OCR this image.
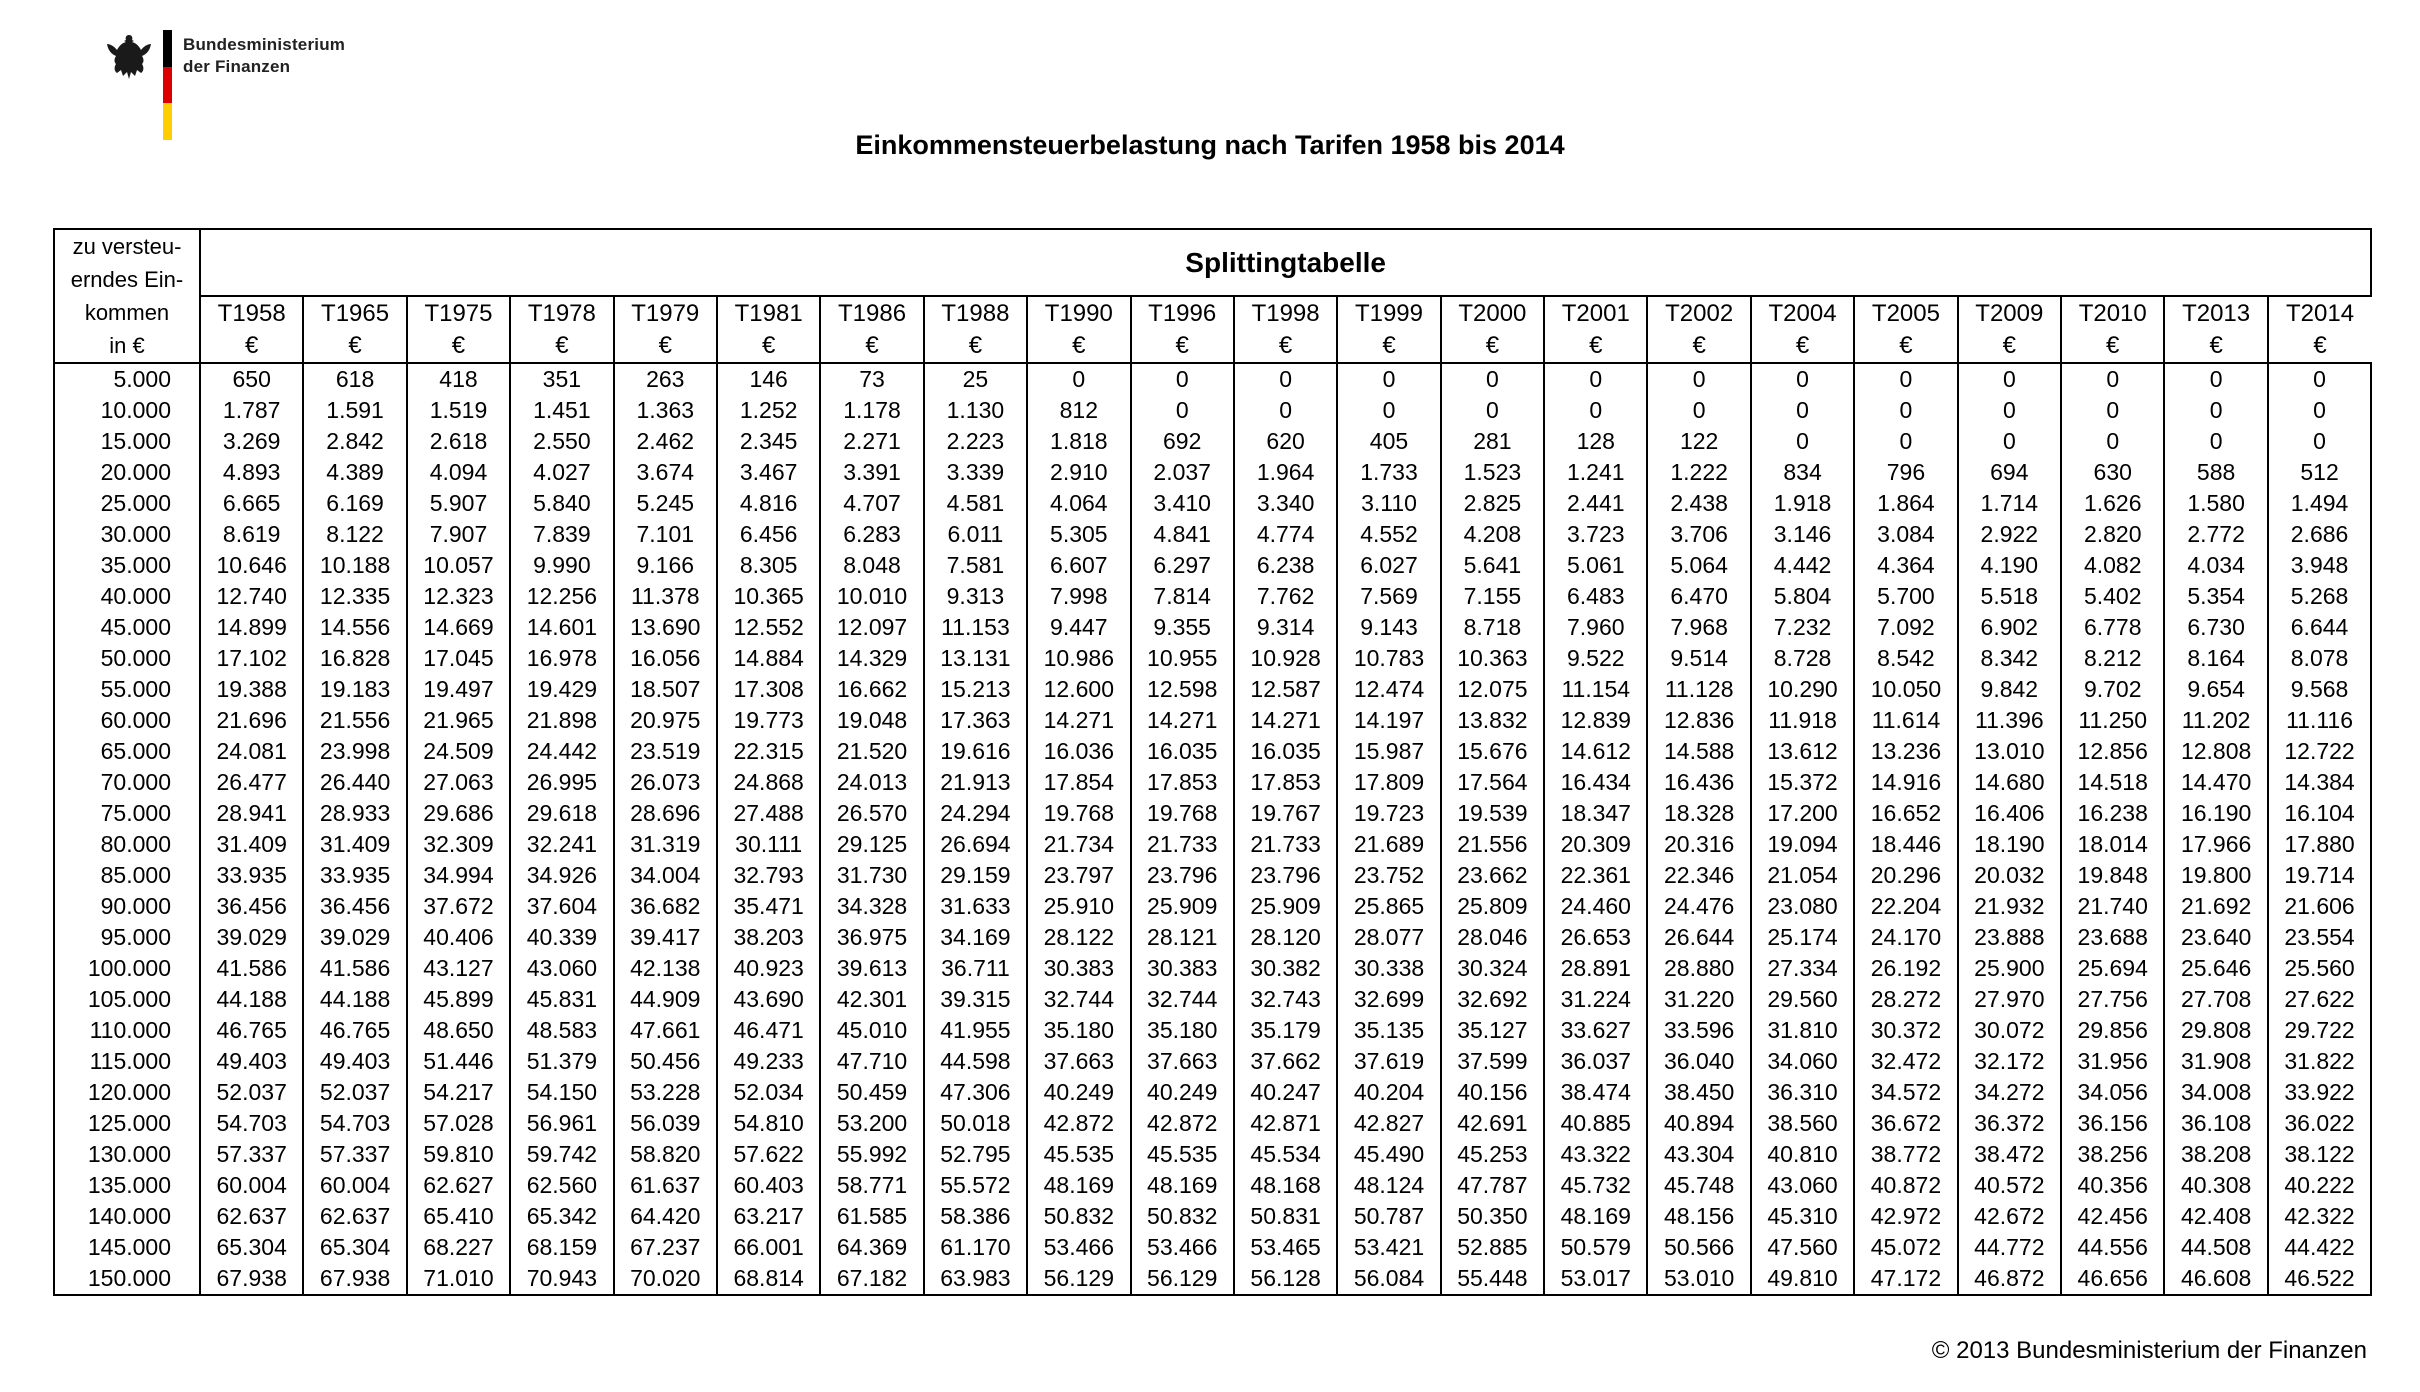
Bundesministerium
der Finanzen
Einkommensteuerbelastung nach Tarifen 1958 bis 2014
zu versteu-
erndes Ein-
kommen
in €	Splittingtabelle																				
	T1958	T1965	T1975	T1978	T1979	T1981	T1986	T1988	T1990	T1996	T1998	T1999	T2000	T2001	T2002	T2004	T2005	T2009	T2010	T2013	T2014
	€	€	€	€	€	€	€	€	€	€	€	€	€	€	€	€	€	€	€	€	€
5.000	650	618	418	351	263	146	73	25	0	0	0	0	0	0	0	0	0	0	0	0	0
10.000	1.787	1.591	1.519	1.451	1.363	1.252	1.178	1.130	812	0	0	0	0	0	0	0	0	0	0	0	0
15.000	3.269	2.842	2.618	2.550	2.462	2.345	2.271	2.223	1.818	692	620	405	281	128	122	0	0	0	0	0	0
20.000	4.893	4.389	4.094	4.027	3.674	3.467	3.391	3.339	2.910	2.037	1.964	1.733	1.523	1.241	1.222	834	796	694	630	588	512
25.000	6.665	6.169	5.907	5.840	5.245	4.816	4.707	4.581	4.064	3.410	3.340	3.110	2.825	2.441	2.438	1.918	1.864	1.714	1.626	1.580	1.494
30.000	8.619	8.122	7.907	7.839	7.101	6.456	6.283	6.011	5.305	4.841	4.774	4.552	4.208	3.723	3.706	3.146	3.084	2.922	2.820	2.772	2.686
35.000	10.646	10.188	10.057	9.990	9.166	8.305	8.048	7.581	6.607	6.297	6.238	6.027	5.641	5.061	5.064	4.442	4.364	4.190	4.082	4.034	3.948
40.000	12.740	12.335	12.323	12.256	11.378	10.365	10.010	9.313	7.998	7.814	7.762	7.569	7.155	6.483	6.470	5.804	5.700	5.518	5.402	5.354	5.268
45.000	14.899	14.556	14.669	14.601	13.690	12.552	12.097	11.153	9.447	9.355	9.314	9.143	8.718	7.960	7.968	7.232	7.092	6.902	6.778	6.730	6.644
50.000	17.102	16.828	17.045	16.978	16.056	14.884	14.329	13.131	10.986	10.955	10.928	10.783	10.363	9.522	9.514	8.728	8.542	8.342	8.212	8.164	8.078
55.000	19.388	19.183	19.497	19.429	18.507	17.308	16.662	15.213	12.600	12.598	12.587	12.474	12.075	11.154	11.128	10.290	10.050	9.842	9.702	9.654	9.568
60.000	21.696	21.556	21.965	21.898	20.975	19.773	19.048	17.363	14.271	14.271	14.271	14.197	13.832	12.839	12.836	11.918	11.614	11.396	11.250	11.202	11.116
65.000	24.081	23.998	24.509	24.442	23.519	22.315	21.520	19.616	16.036	16.035	16.035	15.987	15.676	14.612	14.588	13.612	13.236	13.010	12.856	12.808	12.722
70.000	26.477	26.440	27.063	26.995	26.073	24.868	24.013	21.913	17.854	17.853	17.853	17.809	17.564	16.434	16.436	15.372	14.916	14.680	14.518	14.470	14.384
75.000	28.941	28.933	29.686	29.618	28.696	27.488	26.570	24.294	19.768	19.768	19.767	19.723	19.539	18.347	18.328	17.200	16.652	16.406	16.238	16.190	16.104
80.000	31.409	31.409	32.309	32.241	31.319	30.111	29.125	26.694	21.734	21.733	21.733	21.689	21.556	20.309	20.316	19.094	18.446	18.190	18.014	17.966	17.880
85.000	33.935	33.935	34.994	34.926	34.004	32.793	31.730	29.159	23.797	23.796	23.796	23.752	23.662	22.361	22.346	21.054	20.296	20.032	19.848	19.800	19.714
90.000	36.456	36.456	37.672	37.604	36.682	35.471	34.328	31.633	25.910	25.909	25.909	25.865	25.809	24.460	24.476	23.080	22.204	21.932	21.740	21.692	21.606
95.000	39.029	39.029	40.406	40.339	39.417	38.203	36.975	34.169	28.122	28.121	28.120	28.077	28.046	26.653	26.644	25.174	24.170	23.888	23.688	23.640	23.554
100.000	41.586	41.586	43.127	43.060	42.138	40.923	39.613	36.711	30.383	30.383	30.382	30.338	30.324	28.891	28.880	27.334	26.192	25.900	25.694	25.646	25.560
105.000	44.188	44.188	45.899	45.831	44.909	43.690	42.301	39.315	32.744	32.744	32.743	32.699	32.692	31.224	31.220	29.560	28.272	27.970	27.756	27.708	27.622
110.000	46.765	46.765	48.650	48.583	47.661	46.471	45.010	41.955	35.180	35.180	35.179	35.135	35.127	33.627	33.596	31.810	30.372	30.072	29.856	29.808	29.722
115.000	49.403	49.403	51.446	51.379	50.456	49.233	47.710	44.598	37.663	37.663	37.662	37.619	37.599	36.037	36.040	34.060	32.472	32.172	31.956	31.908	31.822
120.000	52.037	52.037	54.217	54.150	53.228	52.034	50.459	47.306	40.249	40.249	40.247	40.204	40.156	38.474	38.450	36.310	34.572	34.272	34.056	34.008	33.922
125.000	54.703	54.703	57.028	56.961	56.039	54.810	53.200	50.018	42.872	42.872	42.871	42.827	42.691	40.885	40.894	38.560	36.672	36.372	36.156	36.108	36.022
130.000	57.337	57.337	59.810	59.742	58.820	57.622	55.992	52.795	45.535	45.535	45.534	45.490	45.253	43.322	43.304	40.810	38.772	38.472	38.256	38.208	38.122
135.000	60.004	60.004	62.627	62.560	61.637	60.403	58.771	55.572	48.169	48.169	48.168	48.124	47.787	45.732	45.748	43.060	40.872	40.572	40.356	40.308	40.222
140.000	62.637	62.637	65.410	65.342	64.420	63.217	61.585	58.386	50.832	50.832	50.831	50.787	50.350	48.169	48.156	45.310	42.972	42.672	42.456	42.408	42.322
145.000	65.304	65.304	68.227	68.159	67.237	66.001	64.369	61.170	53.466	53.466	53.465	53.421	52.885	50.579	50.566	47.560	45.072	44.772	44.556	44.508	44.422
150.000	67.938	67.938	71.010	70.943	70.020	68.814	67.182	63.983	56.129	56.129	56.128	56.084	55.448	53.017	53.010	49.810	47.172	46.872	46.656	46.608	46.522
© 2013 Bundesministerium der Finanzen
